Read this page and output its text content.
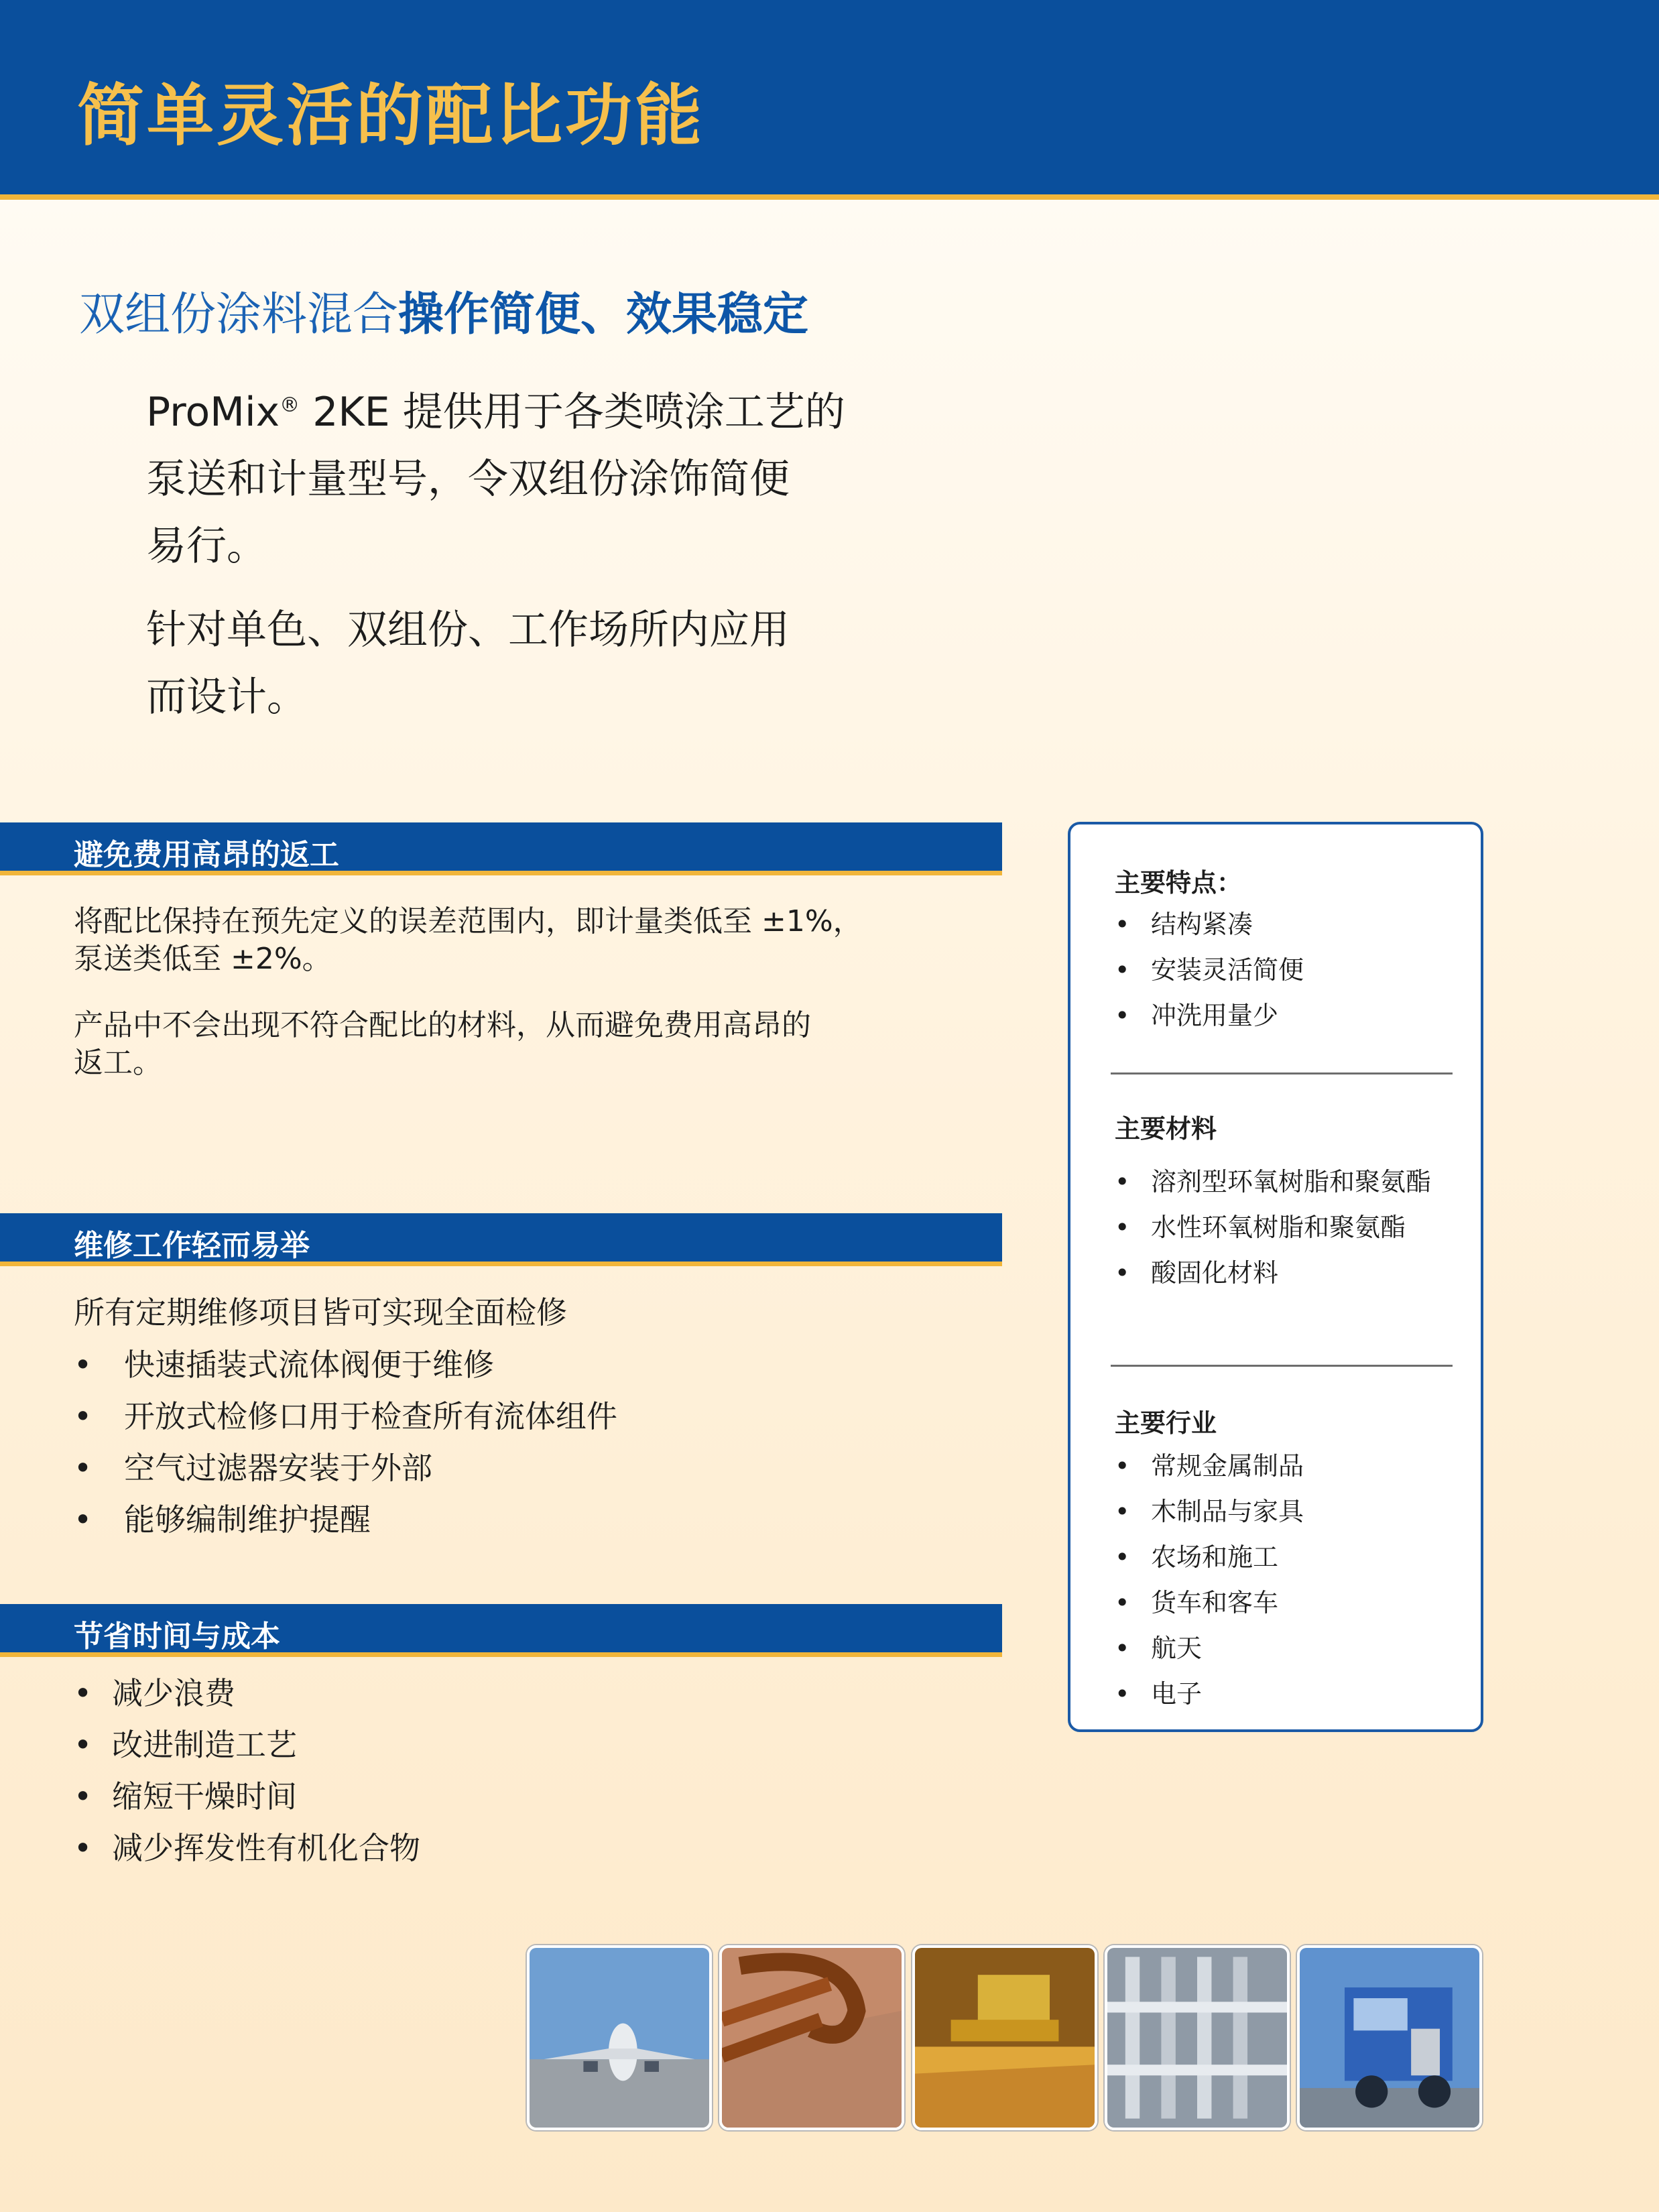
简单灵活的配比功能
双组份涂料混合操作简便、效果稳定
ProMix® 2KE 提供用于各类喷涂工艺的
泵送和计量型号，令双组份涂饰简便
易行。
针对单色、双组份、工作场所内应用
而设计。
避免费用高昂的返工
将配比保持在预先定义的误差范围内，即计量类低至 ±1%，
泵送类低至 ±2%。
产品中不会出现不符合配比的材料，从而避免费用高昂的
返工。
维修工作轻而易举
所有定期维修项目皆可实现全面检修
• 快速插装式流体阀便于维修
• 开放式检修口用于检查所有流体组件
• 空气过滤器安装于外部
• 能够编制维护提醒
节省时间与成本
• 减少浪费
• 改进制造工艺
• 缩短干燥时间
• 减少挥发性有机化合物
主要特点：
• 结构紧凑
• 安装灵活简便
• 冲洗用量少
主要材料
• 溶剂型环氧树脂和聚氨酯
• 水性环氧树脂和聚氨酯
• 酸固化材料
主要行业
• 常规金属制品
• 木制品与家具
• 农场和施工
• 货车和客车
• 航天
• 电子
